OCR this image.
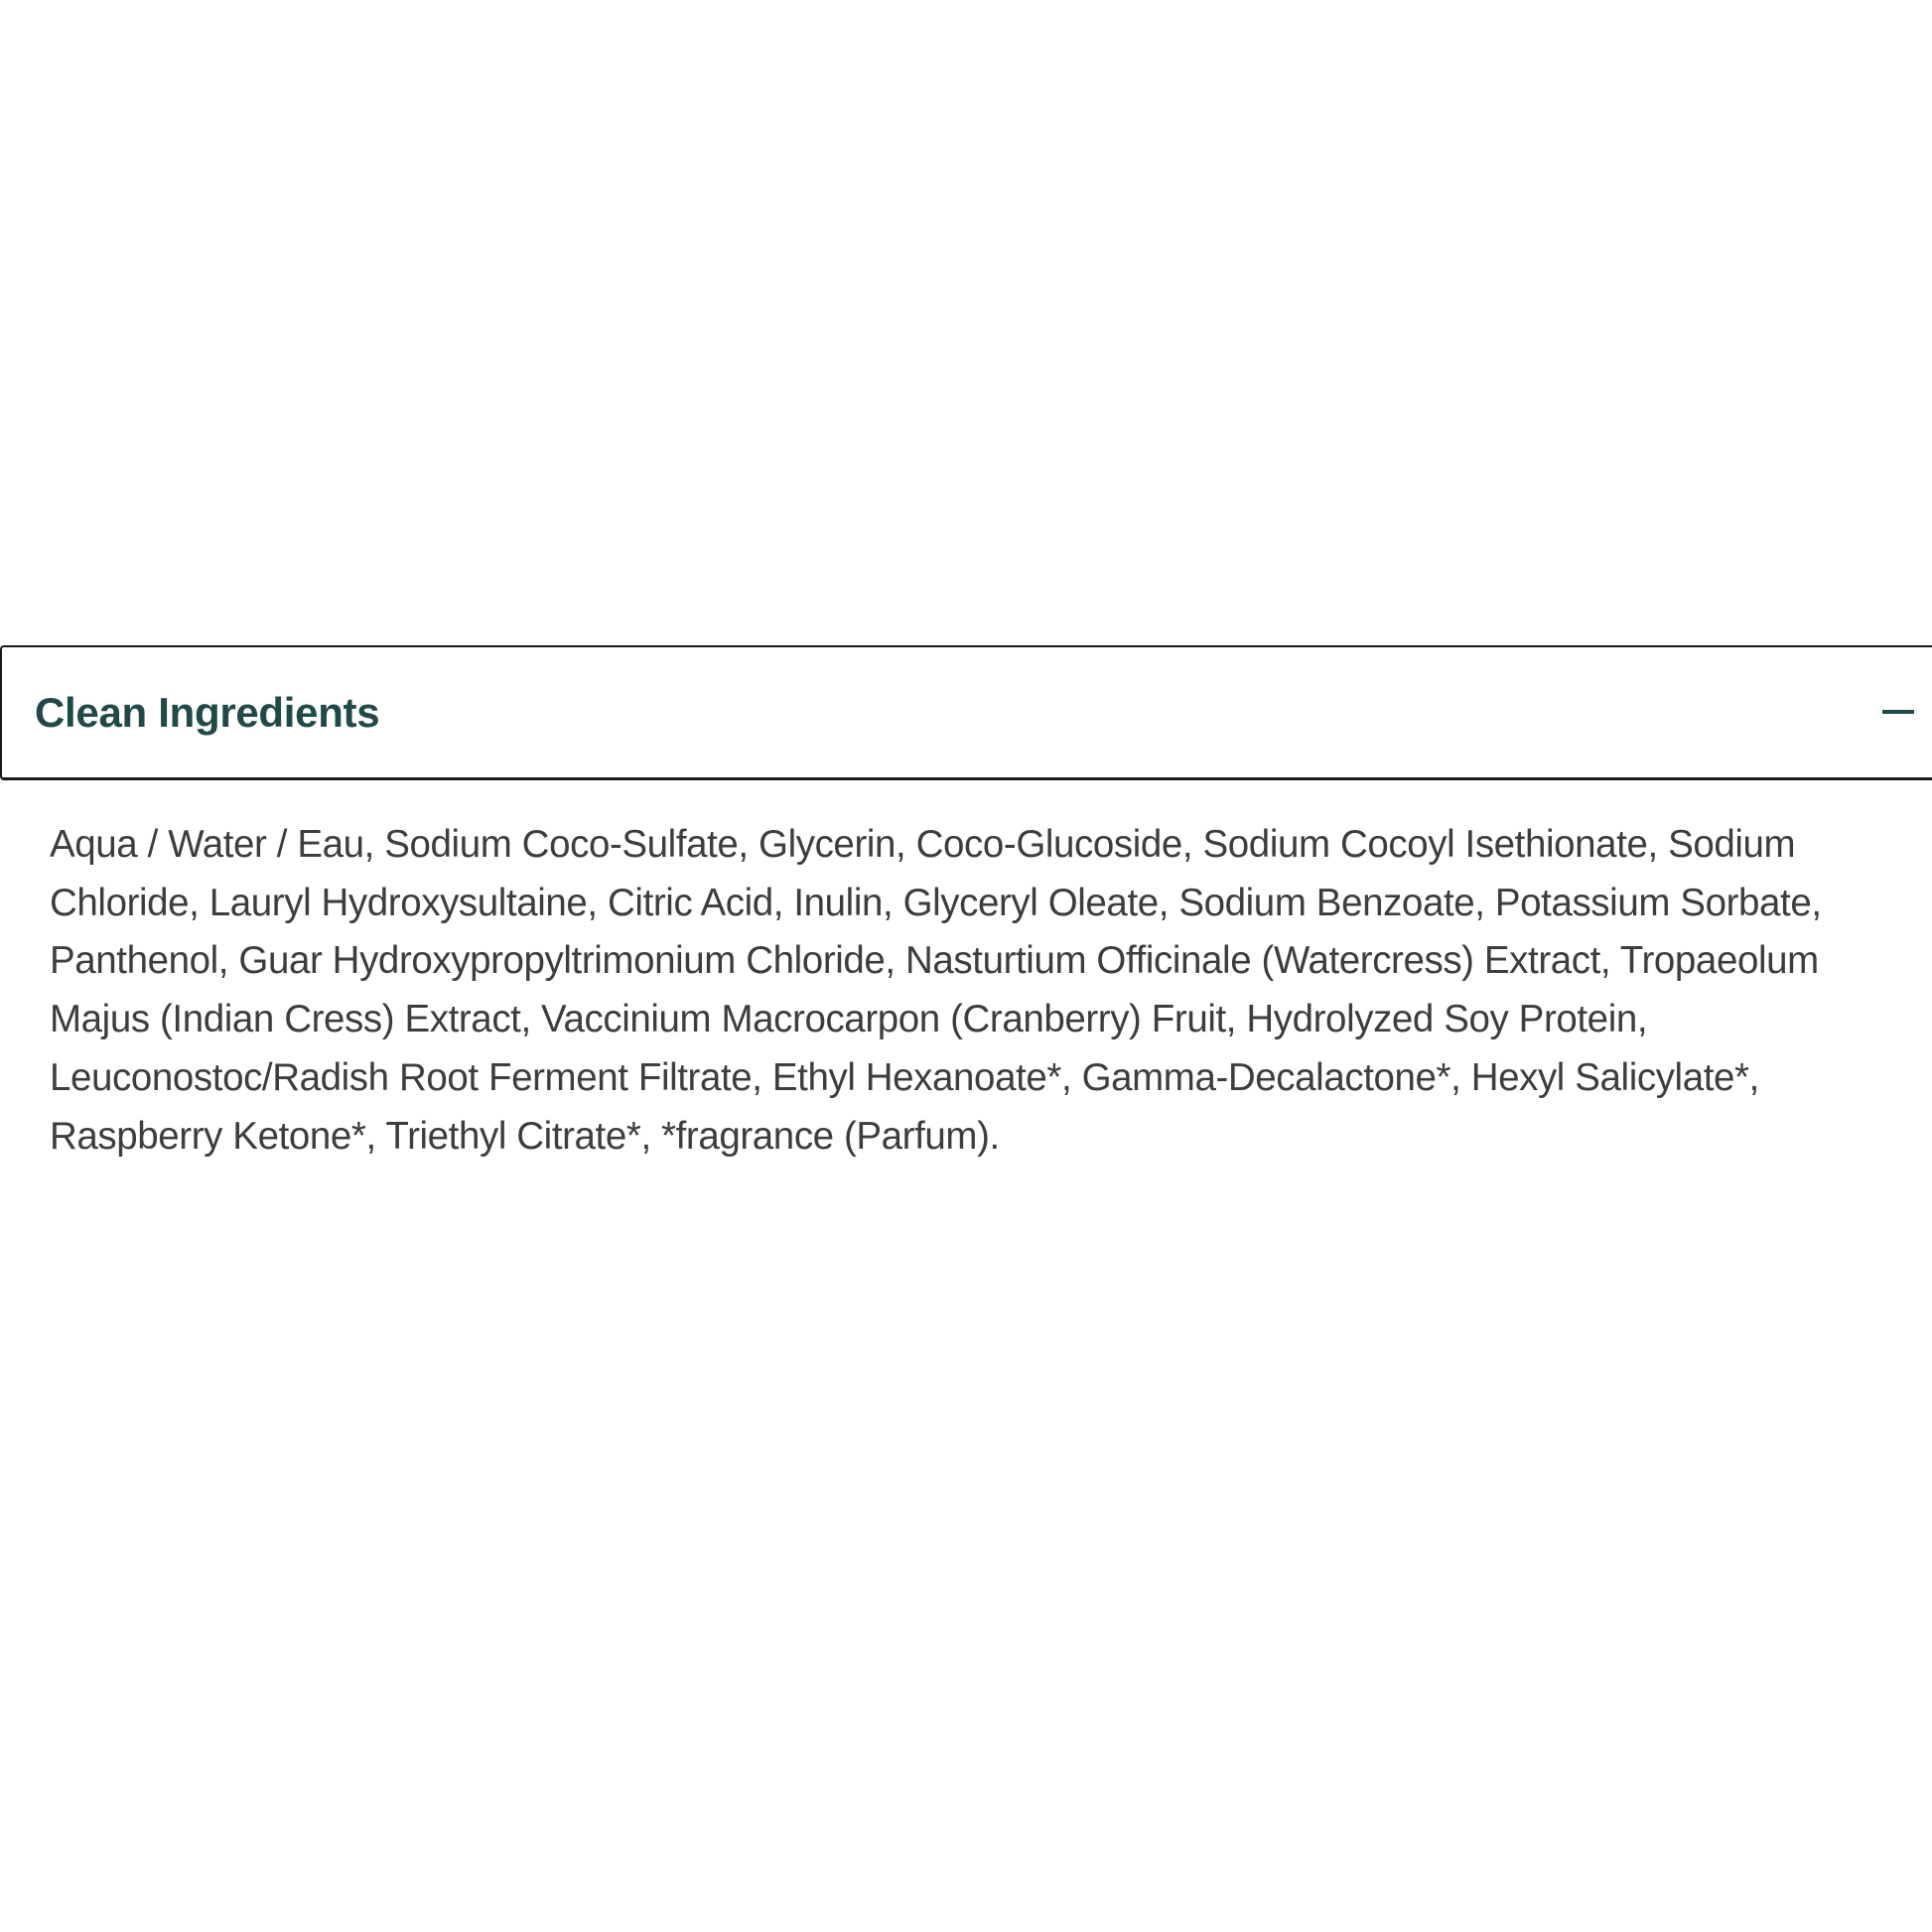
Clean Ingredients

Aqua / Water / Eau, Sodium Coco-Sulfate, Glycerin, Coco-Glucoside, Sodium Cocoyl Isethionate, Sodium Chloride, Lauryl Hydroxysultaine, Citric Acid, Inulin, Glyceryl Oleate, Sodium Benzoate, Potassium Sorbate, Panthenol, Guar Hydroxypropyltrimonium Chloride, Nasturtium Officinale (Watercress) Extract, Tropaeolum Majus (Indian Cress) Extract, Vaccinium Macrocarpon (Cranberry) Fruit, Hydrolyzed Soy Protein, Leuconostoc/Radish Root Ferment Filtrate, Ethyl Hexanoate*, Gamma-Decalactone*, Hexyl Salicylate*, Raspberry Ketone*, Triethyl Citrate*, *fragrance (Parfum).
